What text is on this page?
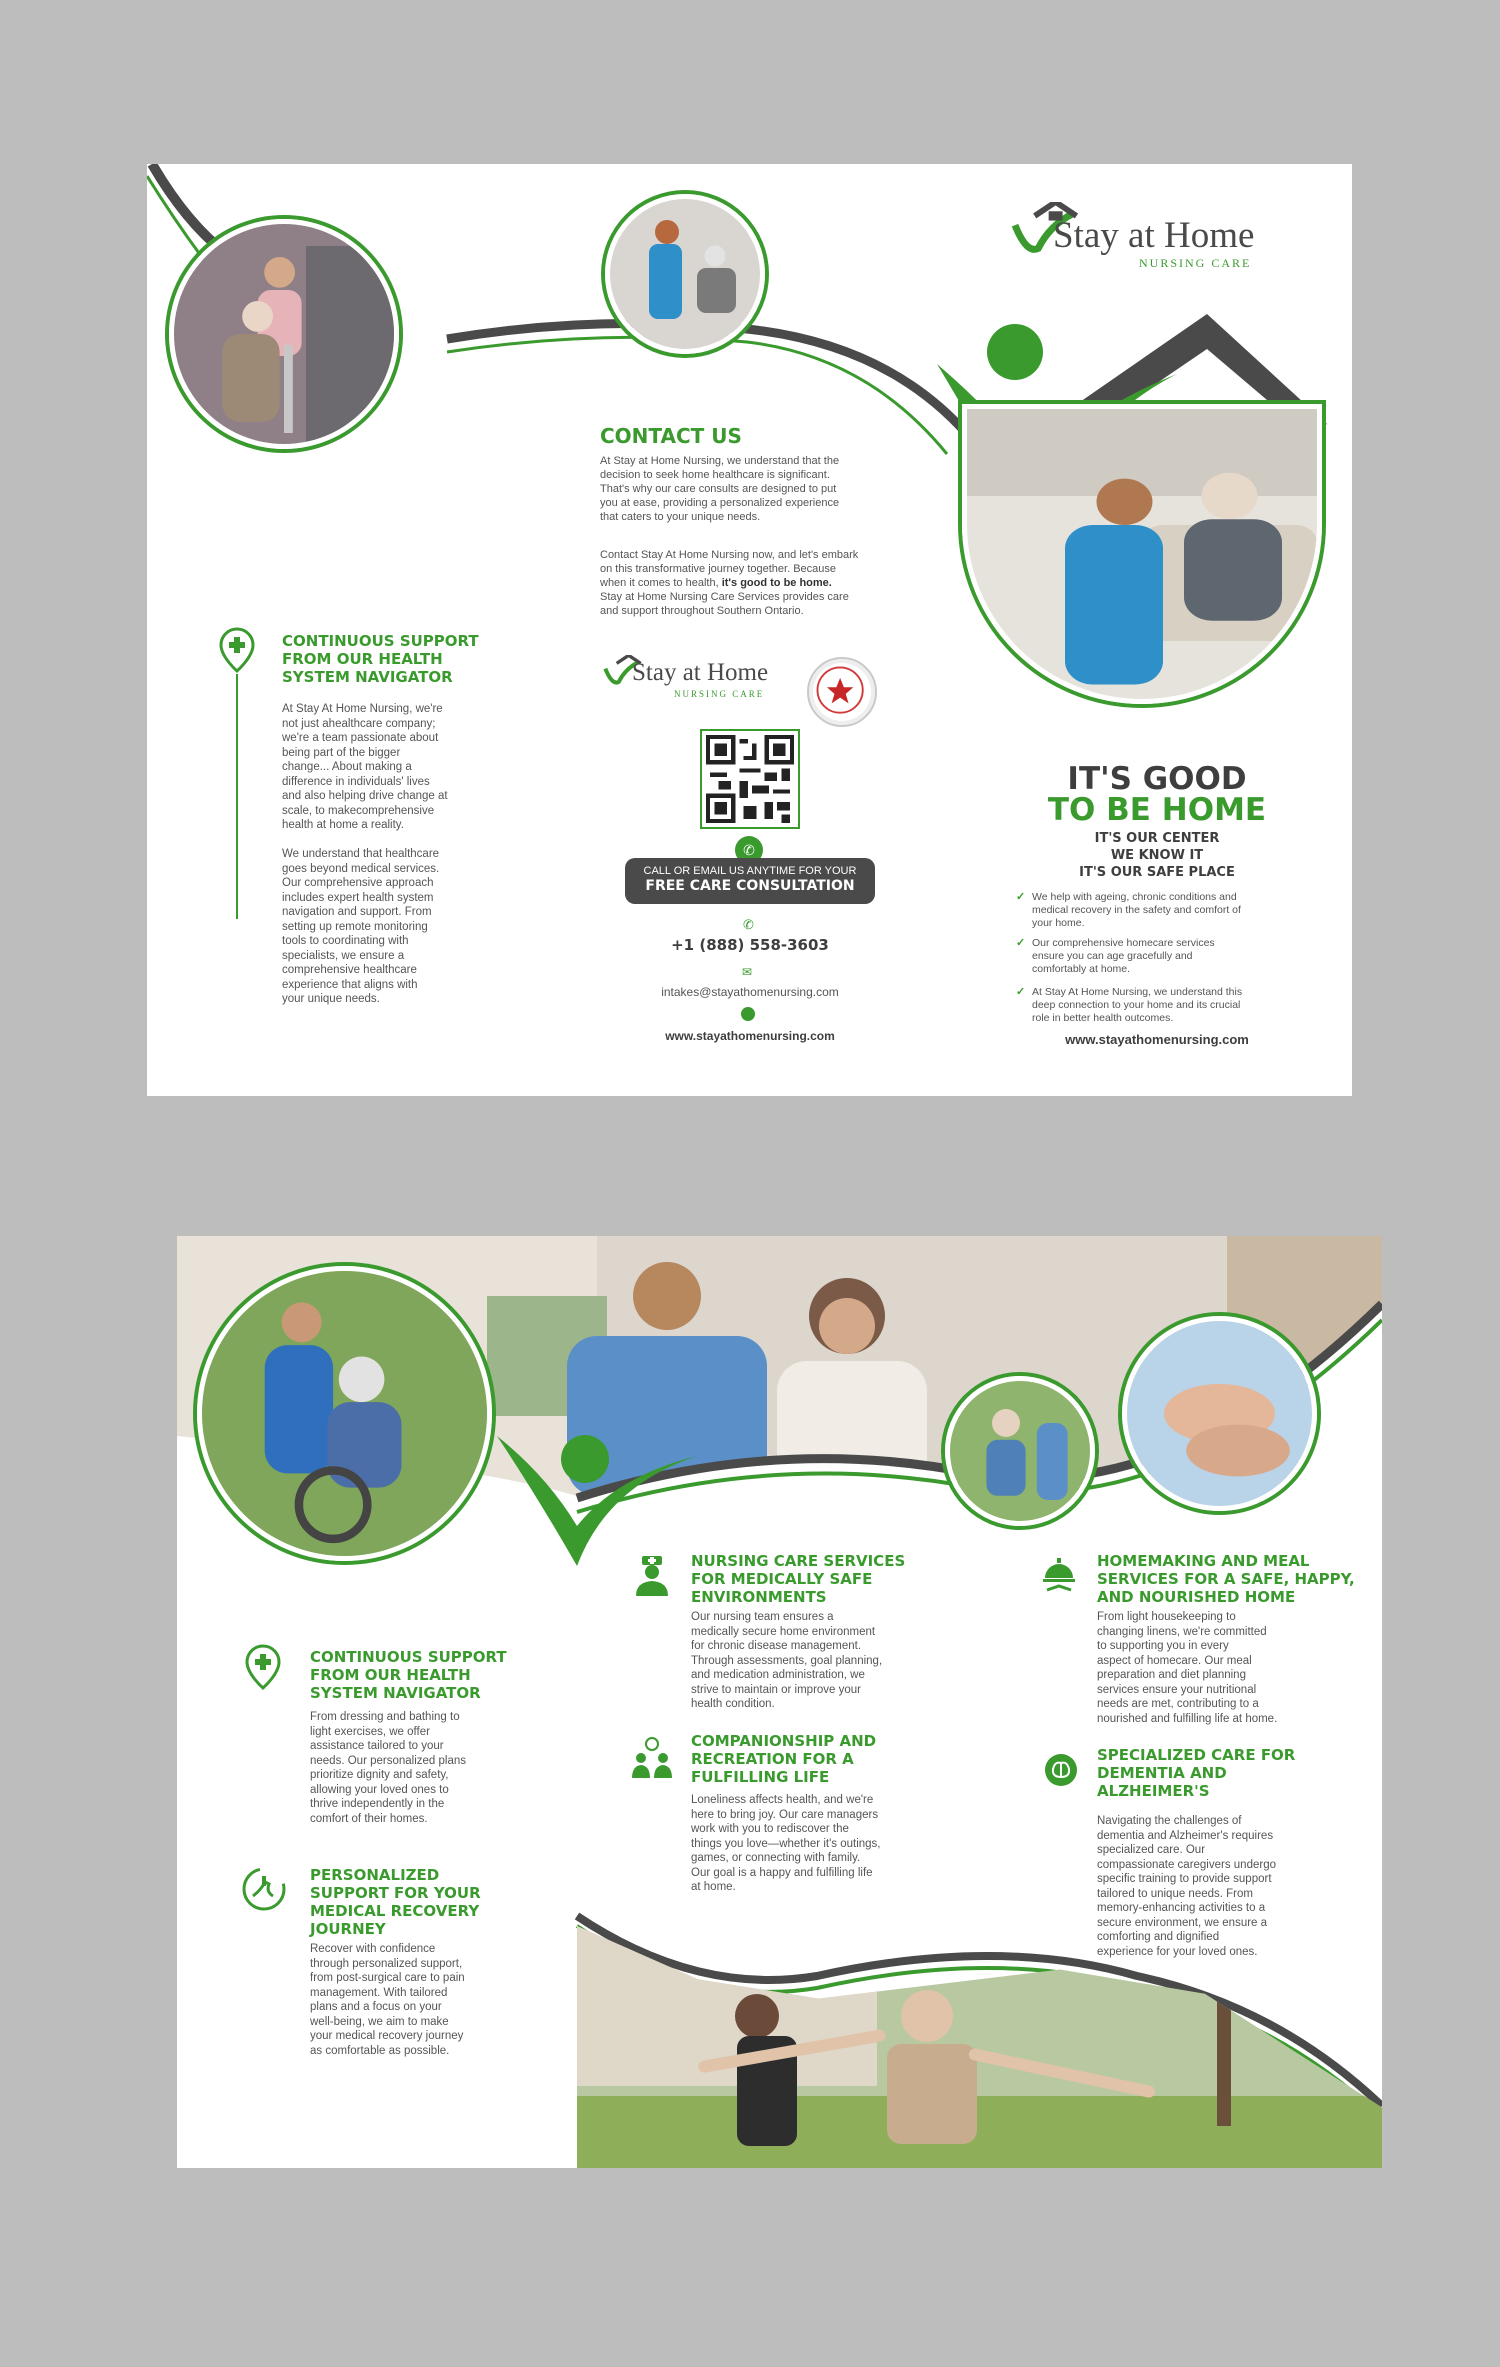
CONTINUOUS SUPPORT
FROM OUR HEALTH
SYSTEM NAVIGATOR
At Stay At Home Nursing, we're
not just ahealthcare company;
we're a team passionate about
being part of the bigger
change... About making a
difference in individuals' lives
and also helping drive change at
scale, to makecomprehensive
health at home a reality.
We understand that healthcare
goes beyond medical services.
Our comprehensive approach
includes expert health system
navigation and support. From
setting up remote monitoring
tools to coordinating with
specialists, we ensure a
comprehensive healthcare
experience that aligns with
your unique needs.
CONTACT US
At Stay at Home Nursing, we understand that the
decision to seek home healthcare is significant.
That's why our care consults are designed to put
you at ease, providing a personalized experience
that caters to your unique needs.

Contact Stay At Home Nursing now, and let's embark
on this transformative journey together. Because
when it comes to health, it's good to be home.

Stay at Home Nursing Care Services provides care
and support throughout Southern Ontario.
Stay at Home
NURSING CARE
✆
CALL OR EMAIL US ANYTIME FOR YOUR
FREE CARE CONSULTATION
✆
+1 (888) 558-3603
✉
intakes@stayathomenursing.com
www.stayathomenursing.com
Stay at Home
NURSING CARE
IT'S GOOD
TO BE HOME
IT'S OUR CENTER
WE KNOW IT
IT'S OUR SAFE PLACE
✓ We help with ageing, chronic conditions and
medical recovery in the safety and comfort of
your home.
✓ Our comprehensive homecare services
ensure you can age gracefully and
comfortably at home.
✓ At Stay At Home Nursing, we understand this
deep connection to your home and its crucial
role in better health outcomes.
www.stayathomenursing.com
CONTINUOUS SUPPORT
FROM OUR HEALTH
SYSTEM NAVIGATOR
From dressing and bathing to
light exercises, we offer
assistance tailored to your
needs. Our personalized plans
prioritize dignity and safety,
allowing your loved ones to
thrive independently in the
comfort of their homes.
PERSONALIZED
SUPPORT FOR YOUR
MEDICAL RECOVERY
JOURNEY
Recover with confidence
through personalized support,
from post-surgical care to pain
management. With tailored
plans and a focus on your
well-being, we aim to make
your medical recovery journey
as comfortable as possible.
NURSING CARE SERVICES
FOR MEDICALLY SAFE
ENVIRONMENTS
Our nursing team ensures a
medically secure home environment
for chronic disease management.
Through assessments, goal planning,
and medication administration, we
strive to maintain or improve your
health condition.
COMPANIONSHIP AND
RECREATION FOR A
FULFILLING LIFE
Loneliness affects health, and we're
here to bring joy. Our care managers
work with you to rediscover the
things you love—whether it's outings,
games, or connecting with family.
Our goal is a happy and fulfilling life
at home.
HOMEMAKING AND MEAL
SERVICES FOR A SAFE, HAPPY,
AND NOURISHED HOME
From light housekeeping to
changing linens, we're committed
to supporting you in every
aspect of homecare. Our meal
preparation and diet planning
services ensure your nutritional
needs are met, contributing to a
nourished and fulfilling life at home.
SPECIALIZED CARE FOR
DEMENTIA AND
ALZHEIMER'S
Navigating the challenges of
dementia and Alzheimer's requires
specialized care. Our
compassionate caregivers undergo
specific training to provide support
tailored to unique needs. From
memory-enhancing activities to a
secure environment, we ensure a
comforting and dignified
experience for your loved ones.
